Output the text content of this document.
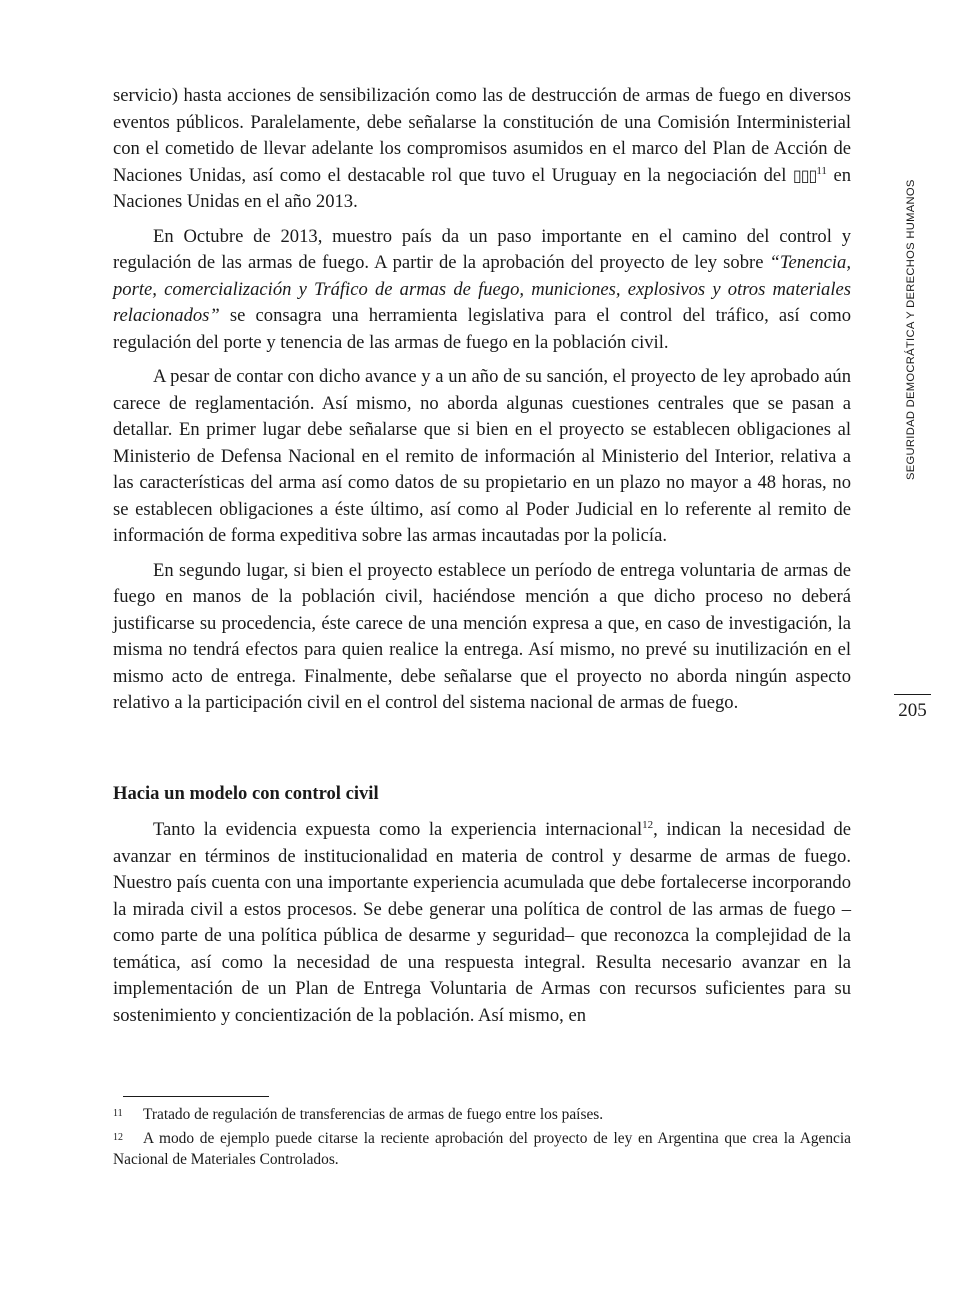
servicio) hasta acciones de sensibilización como las de destrucción de armas de fuego en diversos eventos públicos. Paralelamente, debe señalarse la constitución de una Comisión Interministerial con el cometido de llevar adelante los compromisos asumidos en el marco del Plan de Acción de Naciones Unidas, así como el destacable rol que tuvo el Uruguay en la negociación del ▯▯▯$^{11}$ en Naciones Unidas en el año 2013.

En Octubre de 2013, muestro país da un paso importante en el camino del control y regulación de las armas de fuego. A partir de la aprobación del proyecto de ley sobre “Tenencia, porte, comercialización y Tráfico de armas de fuego, municiones, explosivos y otros materiales relacionados” se consagra una herramienta legislativa para el control del tráfico, así como regulación del porte y tenencia de las armas de fuego en la población civil.

A pesar de contar con dicho avance y a un año de su sanción, el proyecto de ley aprobado aún carece de reglamentación. Así mismo, no aborda algunas cuestiones centrales que se pasan a detallar. En primer lugar debe señalarse que si bien en el proyecto se establecen obligaciones al Ministerio de Defensa Nacional en el remito de información al Ministerio del Interior, relativa a las características del arma así como datos de su propietario en un plazo no mayor a 48 horas, no se establecen obligaciones a éste último, así como al Poder Judicial en lo referente al remito de información de forma expeditiva sobre las armas incautadas por la policía.

En segundo lugar, si bien el proyecto establece un período de entrega voluntaria de armas de fuego en manos de la población civil, haciéndose mención a que dicho proceso no deberá justificarse su procedencia, éste carece de una mención expresa a que, en caso de investigación, la misma no tendrá efectos para quien realice la entrega. Así mismo, no prevé su inutilización en el mismo acto de entrega. Finalmente, debe señalarse que el proyecto no aborda ningún aspecto relativo a la participación civil en el control del sistema nacional de armas de fuego.

Hacia un modelo con control civil

Tanto la evidencia expuesta como la experiencia internacional$^{12}$, indican la necesidad de avanzar en términos de institucionalidad en materia de control y desarme de armas de fuego. Nuestro país cuenta con una importante experiencia acumulada que debe fortalecerse incorporando la mirada civil a estos procesos. Se debe generar una política de control de las armas de fuego –como parte de una política pública de desarme y seguridad– que reconozca la complejidad de la temática, así como la necesidad de una respuesta integral. Resulta necesario avanzar en la implementación de un Plan de Entrega Voluntaria de Armas con recursos suficientes para su sostenimiento y concientización de la población. Así mismo, en

11 Tratado de regulación de transferencias de armas de fuego entre los países.

12 A modo de ejemplo puede citarse la reciente aprobación del proyecto de ley en Argentina que crea la Agencia Nacional de Materiales Controlados.

SEGURIDAD DEMOCRÁTICA Y DERECHOS HUMANOS
205
